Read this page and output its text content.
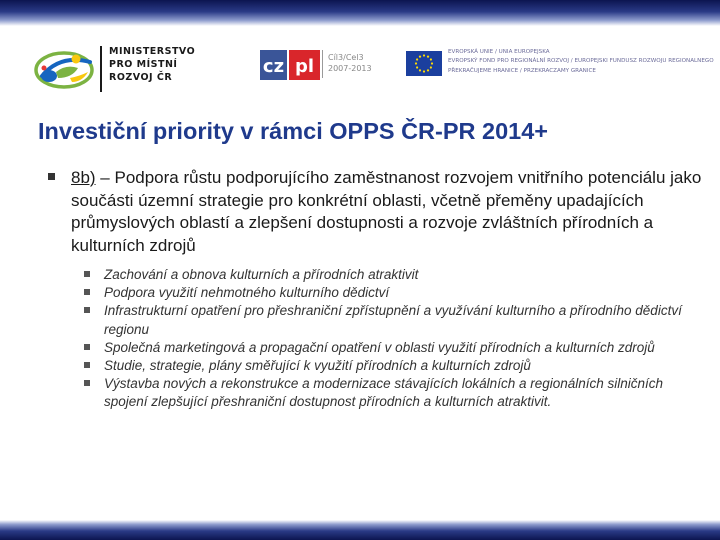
MINISTERSTVO
PRO MÍSTNÍ
ROZVOJ ČR
cz pl Cíl3/Cel3
2007-2013
EVROPSKÁ UNIE / UNIA EUROPEJSKA
EVROPSKÝ FOND PRO REGIONÁLNÍ ROZVOJ / EUROPEJSKI FUNDUSZ ROZWOJU REGIONALNEGO
PŘEKRAČUJEME HRANICE / PRZEKRACZAMY GRANICE
Investiční priority v rámci OPPS ČR-PR 2014+
8b) – Podpora růstu podporujícího zaměstnanost rozvojem vnitřního potenciálu jako součásti územní strategie pro konkrétní oblasti, včetně přeměny upadajících průmyslových oblastí a zlepšení dostupnosti a rozvoje zvláštních přírodních a kulturních zdrojů
Zachování a obnova kulturních a přírodních atraktivit
Podpora využití nehmotného kulturního dědictví
Infrastrukturní opatření pro přeshraniční zpřístupnění a využívání kulturního a přírodního dědictví regionu
Společná marketingová a propagační opatření v oblasti využití přírodních a kulturních zdrojů
Studie, strategie, plány směřující k využití přírodních a kulturních zdrojů
Výstavba nových a rekonstrukce a modernizace stávajících lokálních a regionálních silničních spojení zlepšující přeshraniční dostupnost přírodních a kulturních atraktivit.
